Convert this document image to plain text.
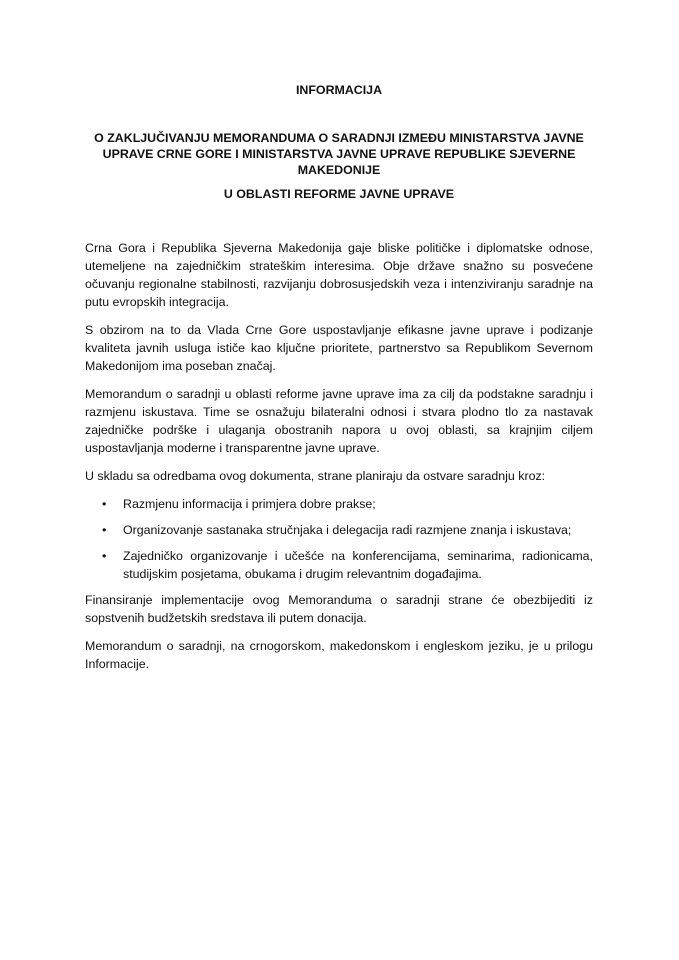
INFORMACIJA
O ZAKLJUČIVANJU MEMORANDUMA O SARADNJI IZMEĐU MINISTARSTVA JAVNE UPRAVE CRNE GORE I MINISTARSTVA JAVNE UPRAVE REPUBLIKE SJEVERNE MAKEDONIJE
U OBLASTI REFORME JAVNE UPRAVE

Crna Gora i Republika Sjeverna Makedonija gaje bliske političke i diplomatske odnose, utemeljene na zajedničkim strateškim interesima. Obje države snažno su posvećene očuvanju regionalne stabilnosti, razvijanju dobrosusjedskih veza i intenziviranju saradnje na putu evropskih integracija.

S obzirom na to da Vlada Crne Gore uspostavljanje efikasne javne uprave i podizanje kvaliteta javnih usluga ističe kao ključne prioritete, partnerstvo sa Republikom Severnom Makedonijom ima poseban značaj.

Memorandum o saradnji u oblasti reforme javne uprave ima za cilj da podstakne saradnju i razmjenu iskustava. Time se osnažuju bilateralni odnosi i stvara plodno tlo za nastavak zajedničke podrške i ulaganja obostranih napora u ovoj oblasti, sa krajnjim ciljem uspostavljanja moderne i transparentne javne uprave.

U skladu sa odredbama ovog dokumenta, strane planiraju da ostvare saradnju kroz:

• Razmjenu informacija i primjera dobre prakse;
• Organizovanje sastanaka stručnjaka i delegacija radi razmjene znanja i iskustava;
• Zajedničko organizovanje i učešće na konferencijama, seminarima, radionicama, studijskim posjetama, obukama i drugim relevantnim događajima.

Finansiranje implementacije ovog Memoranduma o saradnji strane će obezbijediti iz sopstvenih budžetskih sredstava ili putem donacija.

Memorandum o saradnji, na crnogorskom, makedonskom i engleskom jeziku, je u prilogu Informacije.
